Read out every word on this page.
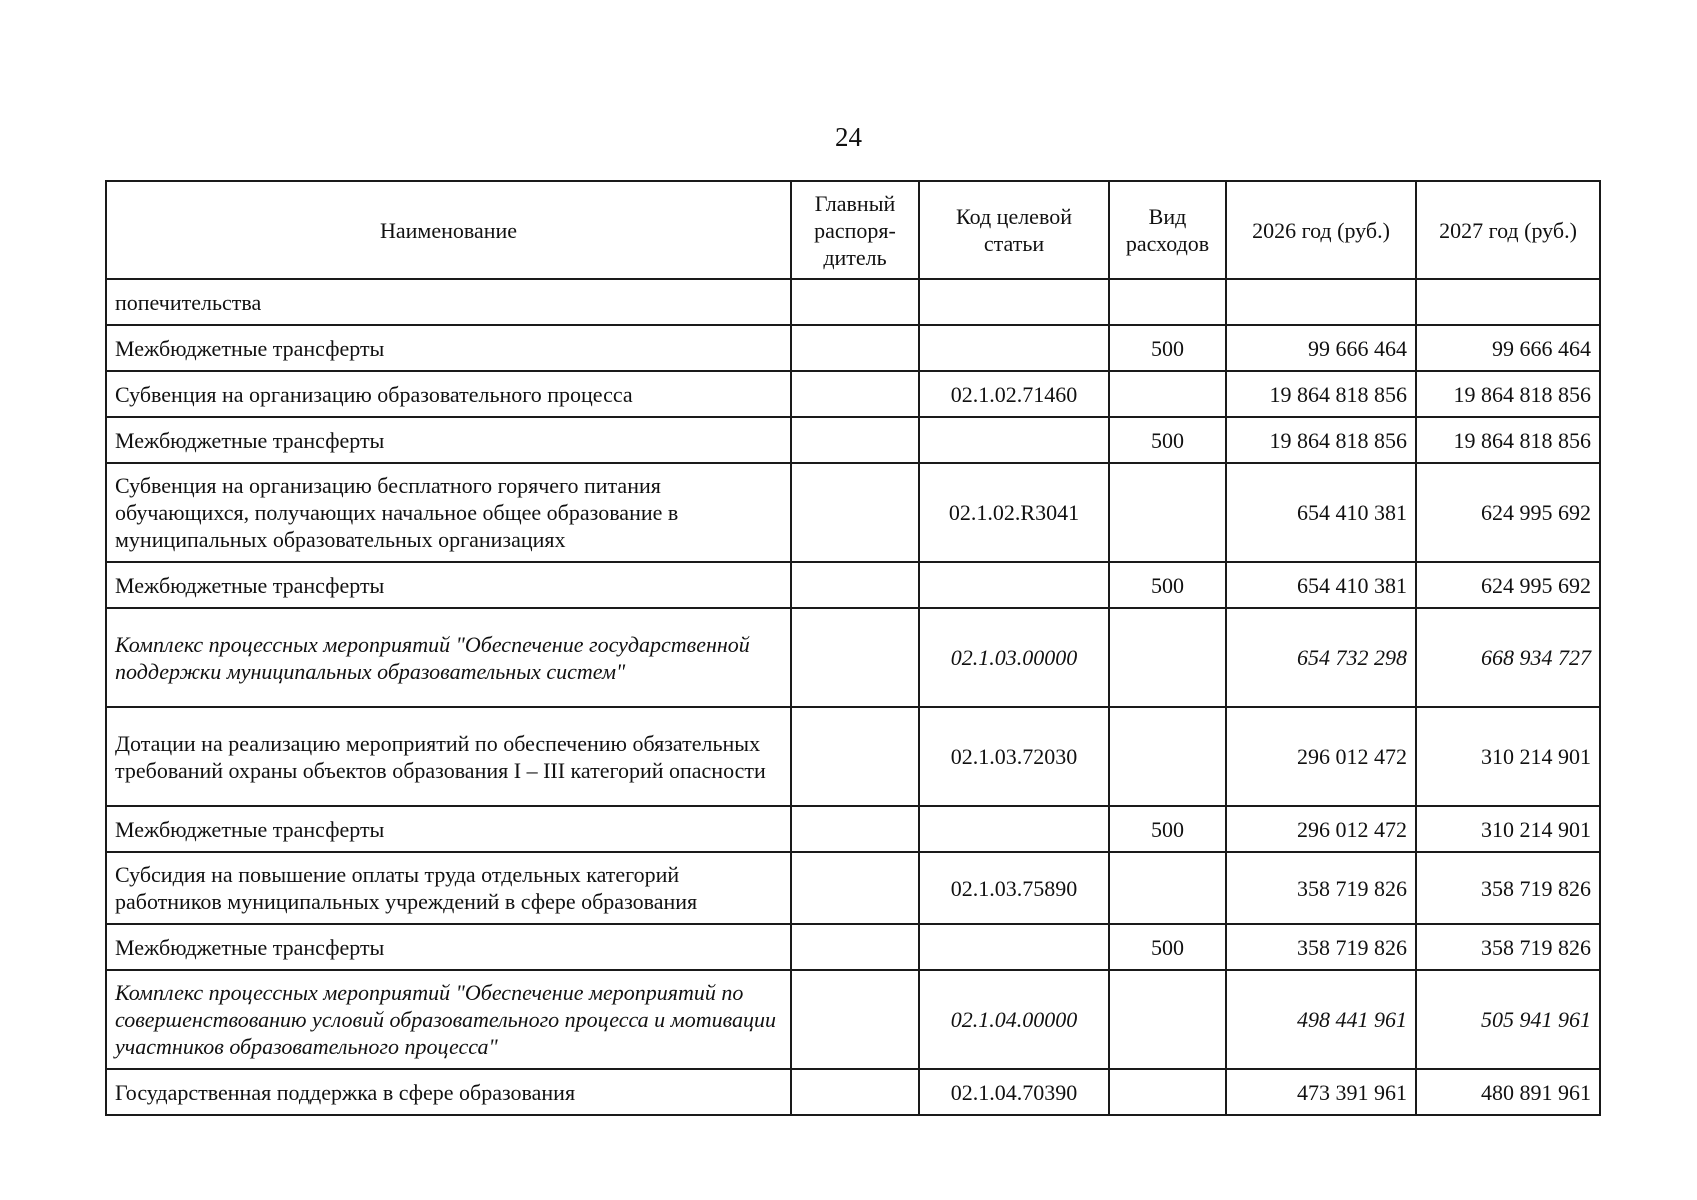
24
Наименование	Главный распоря-дитель	Код целевой статьи	Вид расходов	2026 год (руб.)	2027 год (руб.)
попечительства					
Межбюджетные трансферты			500	99 666 464	99 666 464
Субвенция на организацию образовательного процесса		02.1.02.71460		19 864 818 856	19 864 818 856
Межбюджетные трансферты			500	19 864 818 856	19 864 818 856
Субвенция на организацию бесплатного горячего питания обучающихся, получающих начальное общее образование в муниципальных образовательных организациях		02.1.02.R3041		654 410 381	624 995 692
Межбюджетные трансферты			500	654 410 381	624 995 692
Комплекс процессных мероприятий "Обеспечение государственной поддержки муниципальных образовательных систем"		02.1.03.00000		654 732 298	668 934 727
Дотации на реализацию мероприятий по обеспечению обязательных требований охраны объектов образования I – III категорий опасности		02.1.03.72030		296 012 472	310 214 901
Межбюджетные трансферты			500	296 012 472	310 214 901
Субсидия на повышение оплаты труда отдельных категорий работников муниципальных учреждений в сфере образования		02.1.03.75890		358 719 826	358 719 826
Межбюджетные трансферты			500	358 719 826	358 719 826
Комплекс процессных мероприятий "Обеспечение мероприятий по совершенствованию условий образовательного процесса и мотивации участников образовательного процесса"		02.1.04.00000		498 441 961	505 941 961
Государственная поддержка в сфере образования		02.1.04.70390		473 391 961	480 891 961
